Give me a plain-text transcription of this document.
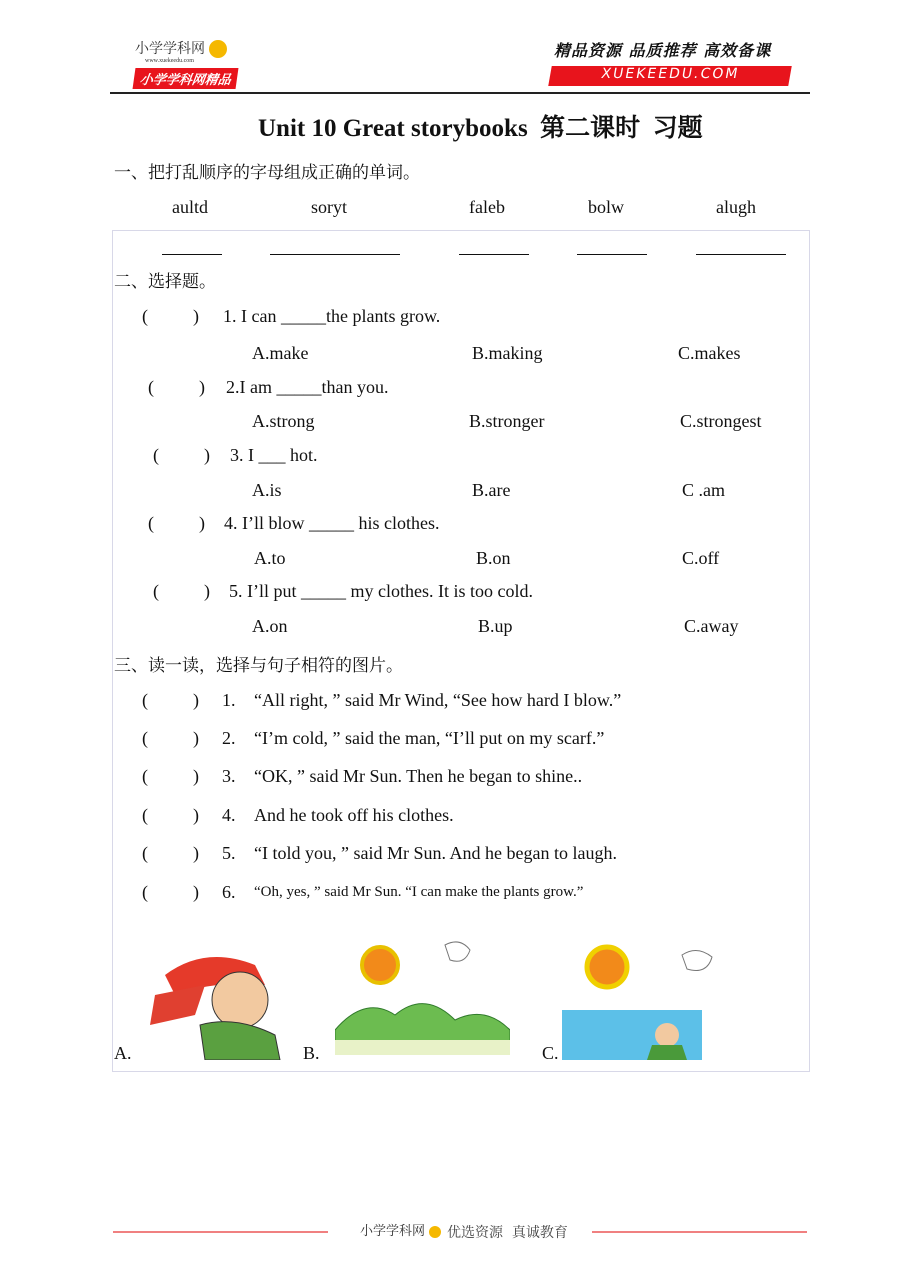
小学学科网
www.xuekeedu.com
小学学科网精品
精品资源 品质推荐 高效备课
XUEKEEDU.COM
Unit 10 Great storybooks  第二课时  习题
一、把打乱顺序的字母组成正确的单词。
aultd	soryt	faleb	bolw	alugh
二、选择题。
(          ) 1. I can _____the plants grow.
A.make	B.making	C.makes
(          ) 2.I am _____than you.
A.strong	B.stronger	C.strongest
(          ) 3. I ___ hot.
A.is	B.are	C .am
(          ) 4. I’ll blow _____ his clothes.
A.to	B.on	C.off
(          ) 5. I’ll put _____ my clothes. It is too cold.
A.on	B.up	C.away
三、读一读，选择与句子相符的图片。
(          ) 1. “All right, ” said Mr Wind, “See how hard I blow.”
(          ) 2. “I’m cold, ” said the man, “I’ll put on my scarf.”
(          ) 3. “OK, ” said Mr Sun. Then he began to shine..
(          ) 4. And he took off his clothes.
(          ) 5. “I told you, ” said Mr Sun. And he began to laugh.
(          ) 6. “Oh, yes, ” said Mr Sun. “I can make the plants grow.”
A.	B.	C.
小学学科网	优选资源  真诚教育
